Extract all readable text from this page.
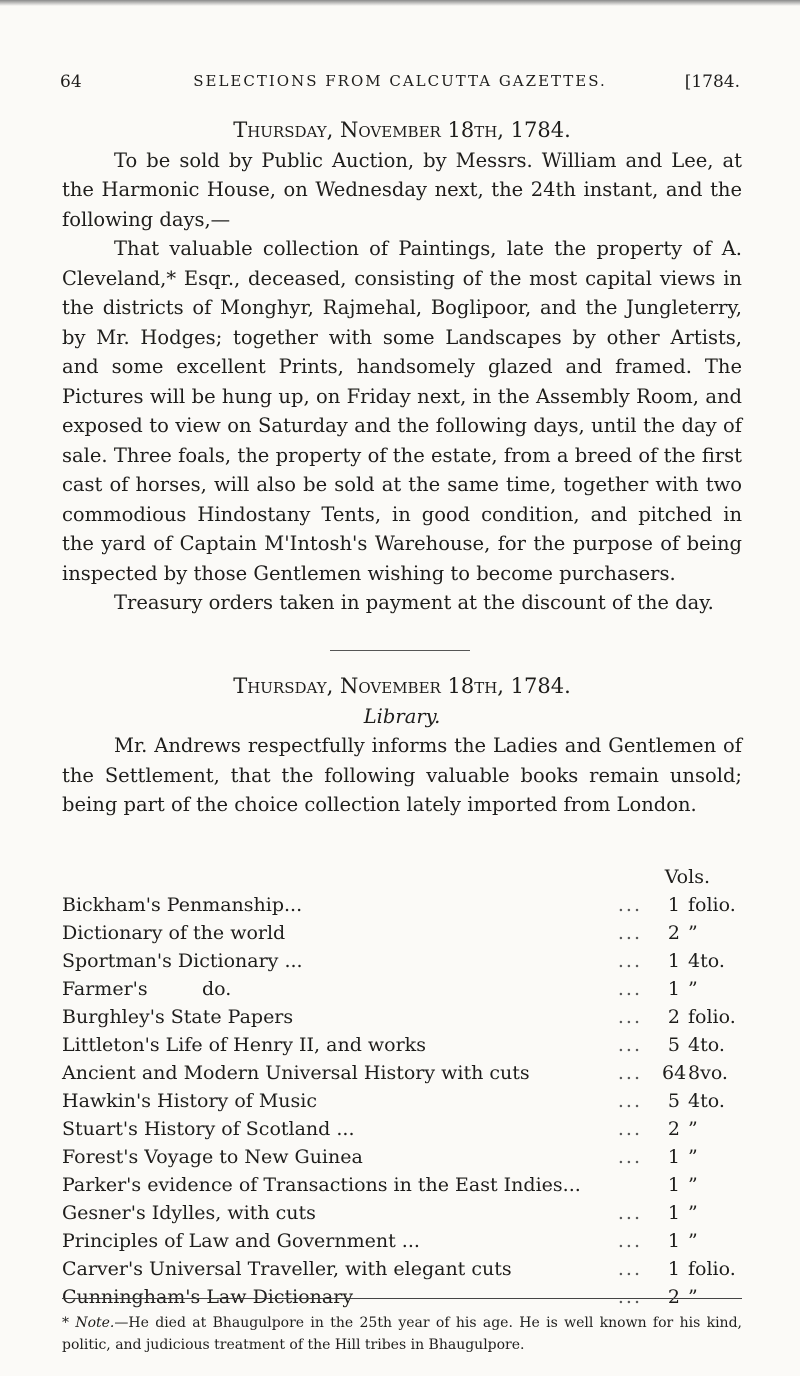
64	SELECTIONS FROM CALCUTTA GAZETTES.	[1784.
Thursday, November 18th, 1784.

To be sold by Public Auction, by Messrs. William and Lee, at the Harmonic House, on Wednesday next, the 24th instant, and the following days,—

That valuable collection of Paintings, late the property of A. Cleveland,* Esqr., deceased, consisting of the most capital views in the districts of Monghyr, Rajmehal, Boglipoor, and the Jungleterry, by Mr. Hodges; together with some Landscapes by other Artists, and some excellent Prints, handsomely glazed and framed. The Pictures will be hung up, on Friday next, in the Assembly Room, and exposed to view on Saturday and the following days, until the day of sale. Three foals, the property of the estate, from a breed of the first cast of horses, will also be sold at the same time, together with two commodious Hindostany Tents, in good condition, and pitched in the yard of Captain M'Intosh's Warehouse, for the purpose of being inspected by those Gentlemen wishing to become purchasers.

Treasury orders taken in payment at the discount of the day.

Thursday, November 18th, 1784.
Library.

Mr. Andrews respectfully informs the Ladies and Gentlemen of the Settlement, that the following valuable books remain unsold; being part of the choice collection lately imported from London.

Vols.
Bickham's Penmanship...	...	1 folio.
Dictionary of the world	...	2 ”
Sportman's Dictionary ...	...	1 4to.
Farmer's         do.	...	1 ”
Burghley's State Papers	...	2 folio.
Littleton's Life of Henry II, and works	...	5 4to.
Ancient and Modern Universal History with cuts	... 64 8vo.
Hawkin's History of Music	...	5 4to.
Stuart's History of Scotland ...	...	2 ”
Forest's Voyage to New Guinea	...	1 ”
Parker's evidence of Transactions in the East Indies...	1 ”
Gesner's Idylles, with cuts	...	1 ”
Principles of Law and Government ...	...	1 ”
Carver's Universal Traveller, with elegant cuts	...	1 folio.
Cunningham's Law Dictionary	...	2 ”
* Note.—He died at Bhaugulpore in the 25th year of his age. He is well known for his kind, politic, and judicious treatment of the Hill tribes in Bhaugulpore.
